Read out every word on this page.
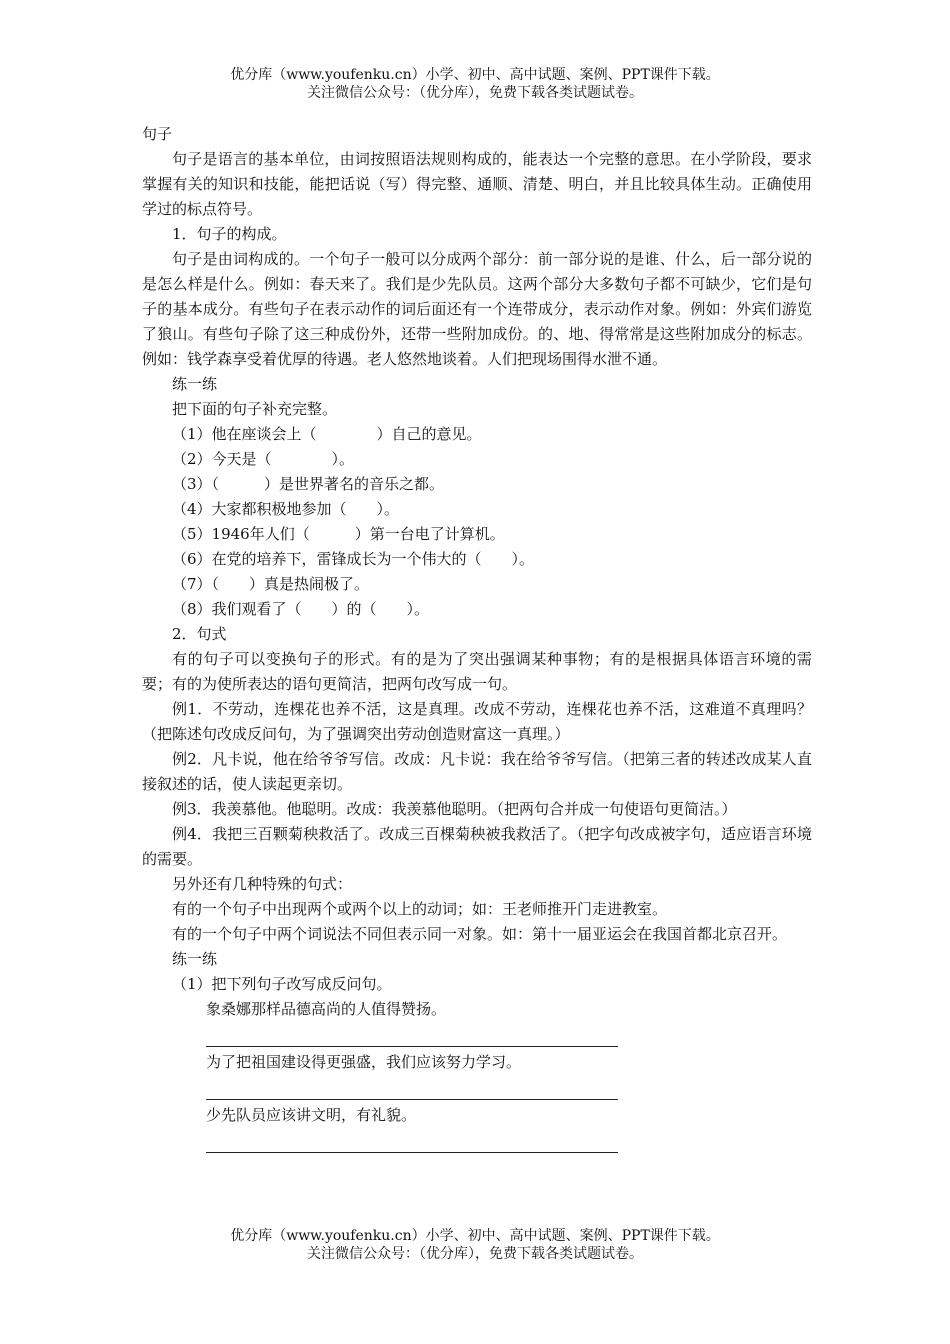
优分库（www.youfenku.cn）小学、初中、高中试题、案例、PPT课件下载。
关注微信公众号：（优分库），免费下载各类试题试卷。

句子

句子是语言的基本单位，由词按照语法规则构成的，能表达一个完整的意思。在小学阶段，要求掌握有关的知识和技能，能把话说（写）得完整、通顺、清楚、明白，并且比较具体生动。正确使用学过的标点符号。

1．句子的构成。

句子是由词构成的。一个句子一般可以分成两个部分：前一部分说的是谁、什么，后一部分说的是怎么样是什么。例如：春天来了。我们是少先队员。这两个部分大多数句子都不可缺少，它们是句子的基本成分。有些句子在表示动作的词后面还有一个连带成分，表示动作对象。例如：外宾们游览了狼山。有些句子除了这三种成份外，还带一些附加成份。的、地、得常常是这些附加成分的标志。例如：钱学森享受着优厚的待遇。老人悠然地谈着。人们把现场围得水泄不通。

练一练

把下面的句子补充完整。

（1）他在座谈会上（　　　　）自己的意见。
（2）今天是（　　　　）。
（3）（　　　）是世界著名的音乐之都。
（4）大家都积极地参加（　　）。
（5）1946年人们（　　　）第一台电了计算机。
（6）在党的培养下，雷锋成长为一个伟大的（　　）。
（7）（　　）真是热闹极了。
（8）我们观看了（　　）的（　　）。

2．句式

有的句子可以变换句子的形式。有的是为了突出强调某种事物；有的是根据具体语言环境的需要；有的为使所表达的语句更简洁，把两句改写成一句。

例1．不劳动，连棵花也养不活，这是真理。改成不劳动，连棵花也养不活，这难道不真理吗？（把陈述句改成反问句，为了强调突出劳动创造财富这一真理。）

例2．凡卡说，他在给爷爷写信。改成：凡卡说：我在给爷爷写信。（把第三者的转述改成某人直接叙述的话，使人读起更亲切。

例3．我羡慕他。他聪明。改成：我羡慕他聪明。（把两句合并成一句使语句更简洁。）

例4．我把三百颗菊秧救活了。改成三百棵菊秧被我救活了。（把字句改成被字句，适应语言环境的需要。

另外还有几种特殊的句式：

有的一个句子中出现两个或两个以上的动词；如：王老师推开门走进教室。

有的一个句子中两个词说法不同但表示同一对象。如：第十一届亚运会在我国首都北京召开。

练一练

（1）把下列句子改写成反问句。
象桑娜那样品德高尚的人值得赞扬。
为了把祖国建设得更强盛，我们应该努力学习。
少先队员应该讲文明，有礼貌。
优分库（www.youfenku.cn）小学、初中、高中试题、案例、PPT课件下载。
关注微信公众号：（优分库），免费下载各类试题试卷。
